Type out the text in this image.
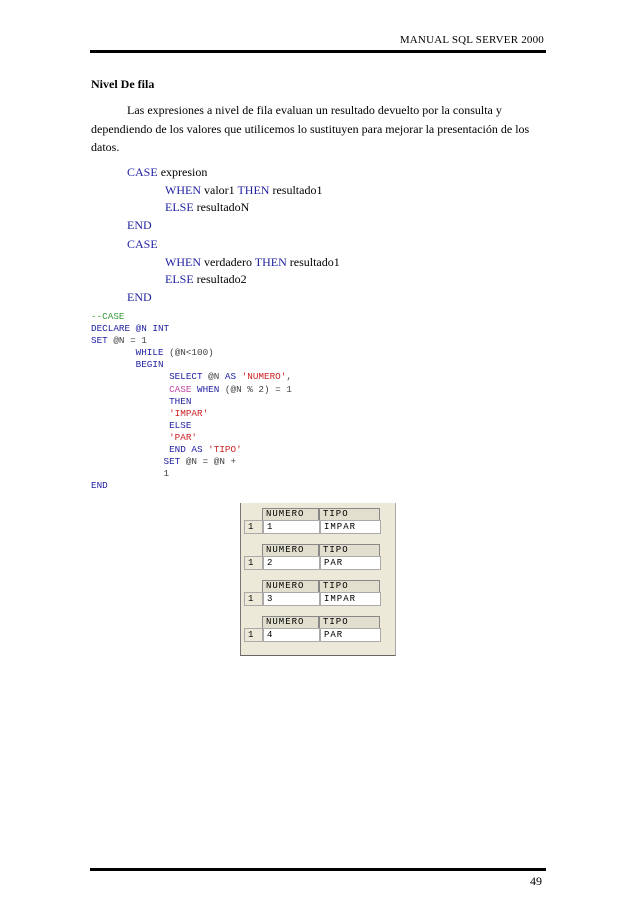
MANUAL SQL SERVER 2000
Nivel De fila
Las expresiones a nivel de fila evaluan un resultado devuelto por la consulta y dependiendo de los valores que utilicemos lo sustituyen para mejorar la presentación de los datos.
CASE expresion
WHEN valor1 THEN resultado1
ELSE resultadoN
END
CASE
WHEN verdadero THEN resultado1
ELSE resultado2
END
--CASE
DECLARE @N INT
SET @N = 1
WHILE (@N<100)
BEGIN
SELECT @N AS 'NUMERO',
CASE WHEN (@N % 2) = 1
THEN
'IMPAR'
ELSE
'PAR'
END AS 'TIPO'
SET @N = @N +
1
END
NUMERO	TIPO
1	1	IMPAR
NUMERO	TIPO
1	2	PAR
NUMERO	TIPO
1	3	IMPAR
NUMERO	TIPO
1	4	PAR
49
